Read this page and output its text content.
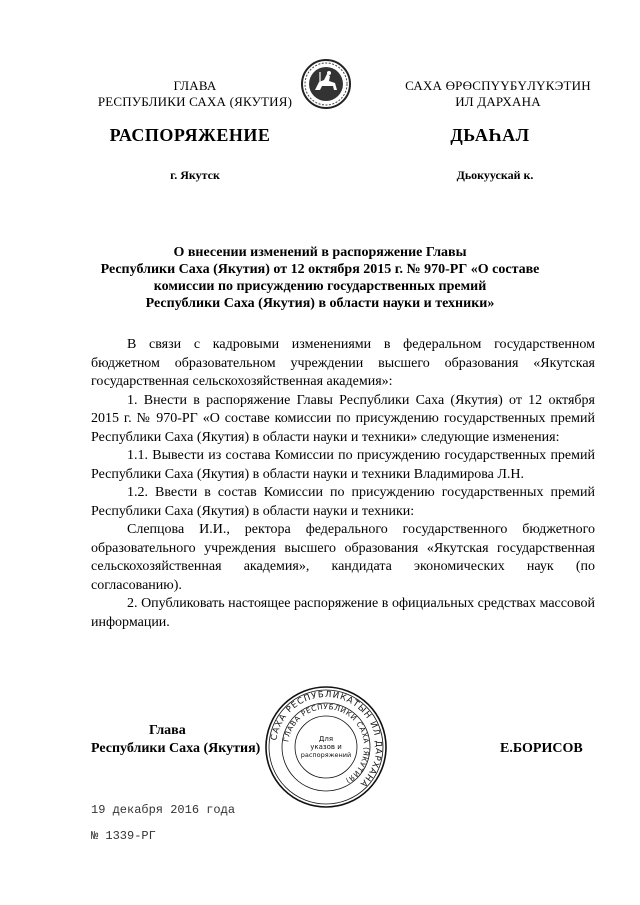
ГЛАВА
РЕСПУБЛИКИ САХА (ЯКУТИЯ)
САХА ӨРӨСПҮҮБҮЛҮКЭТИН
ИЛ ДАРХАНА
РАСПОРЯЖЕНИЕ	ДЬАҺАЛ
г. Якутск	Дьокуускай к.
О внесении изменений в распоряжение Главы
Республики Саха (Якутия) от 12 октября 2015 г. № 970-РГ «О составе
комиссии по присуждению государственных премий
Республики Саха (Якутия) в области науки и техники»

В связи с кадровыми изменениями в федеральном государственном бюджетном образовательном учреждении высшего образования «Якутская государственная сельскохозяйственная академия»:

1. Внести в распоряжение Главы Республики Саха (Якутия) от 12 октября 2015 г. № 970-РГ «О составе комиссии по присуждению государственных премий Республики Саха (Якутия) в области науки и техники» следующие изменения:

1.1. Вывести из состава Комиссии по присуждению государственных премий Республики Саха (Якутия) в области науки и техники Владимирова Л.Н.

1.2. Ввести в состав Комиссии по присуждению государственных премий Республики Саха (Якутия) в области науки и техники:

Слепцова И.И., ректора федерального государственного бюджетного образовательного учреждения высшего образования «Якутская государственная сельскохозяйственная академия», кандидата экономических наук (по согласованию).

2. Опубликовать настоящее распоряжение в официальных средствах массовой информации.

Глава
Республики Саха (Якутия)	Е.БОРИСОВ
САХА РЕСПУБЛИКАТЫН ИЛ ДАРХАНА
ГЛАВА РЕСПУБЛИКИ САХА (ЯКУТИЯ)
Для
указов и
распоряжений
19 декабря 2016 года
№ 1339-РГ
